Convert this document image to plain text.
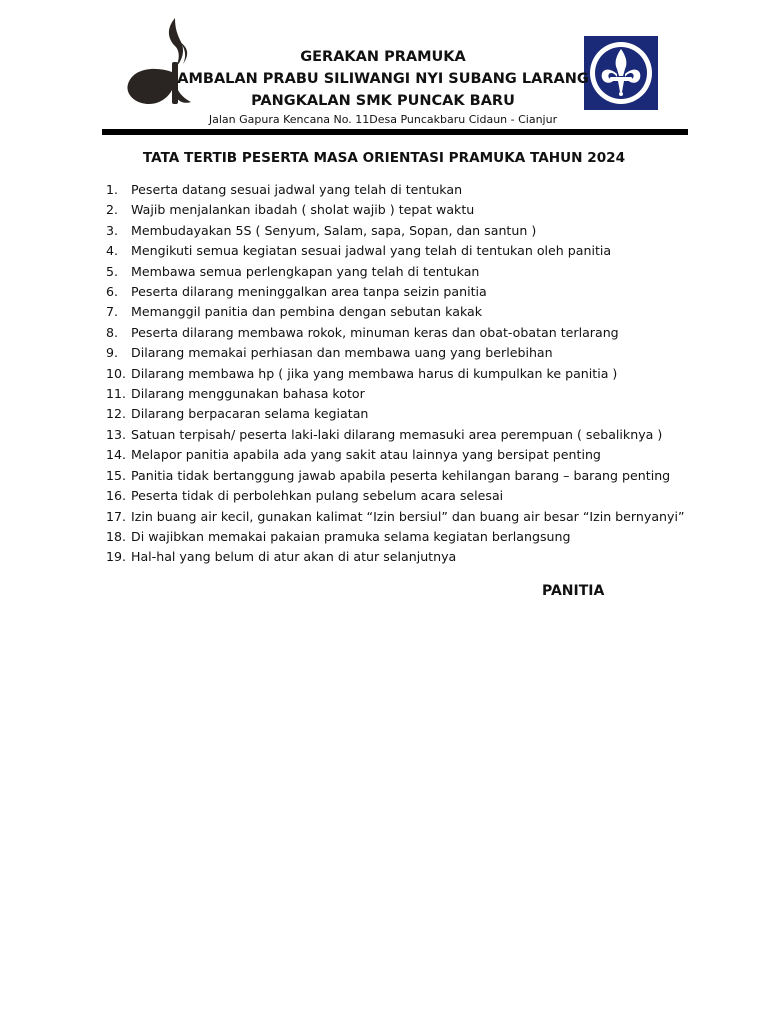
GERAKAN PRAMUKA
AMBALAN PRABU SILIWANGI NYI SUBANG LARANG
PANGKALAN SMK PUNCAK BARU
Jalan Gapura Kencana No. 11Desa Puncakbaru Cidaun - Cianjur
TATA TERTIB PESERTA MASA ORIENTASI PRAMUKA TAHUN 2024
1.	Peserta datang sesuai jadwal yang telah di tentukan
2.	Wajib menjalankan ibadah ( sholat wajib ) tepat waktu
3.	Membudayakan 5S ( Senyum, Salam, sapa, Sopan, dan santun )
4.	Mengikuti semua kegiatan sesuai jadwal yang telah di tentukan oleh panitia
5.	Membawa semua perlengkapan yang telah di tentukan
6.	Peserta dilarang meninggalkan area tanpa seizin panitia
7.	Memanggil panitia dan pembina dengan sebutan kakak
8.	Peserta dilarang membawa rokok, minuman keras dan obat-obatan terlarang
9.	Dilarang memakai perhiasan dan membawa uang yang berlebihan
10. Dilarang membawa hp ( jika yang membawa harus di kumpulkan ke panitia )
11. Dilarang menggunakan bahasa kotor
12. Dilarang berpacaran selama kegiatan
13. Satuan terpisah/ peserta laki-laki dilarang memasuki area perempuan ( sebaliknya )
14. Melapor panitia apabila ada yang sakit atau lainnya yang bersipat penting
15. Panitia tidak bertanggung jawab apabila peserta kehilangan barang – barang penting
16. Peserta tidak di perbolehkan pulang sebelum acara selesai
17. Izin buang air kecil, gunakan kalimat “Izin bersiul” dan buang air besar “Izin bernyanyi”
18. Di wajibkan memakai pakaian pramuka selama kegiatan berlangsung
19. Hal-hal yang belum di atur akan di atur selanjutnya
PANITIA
